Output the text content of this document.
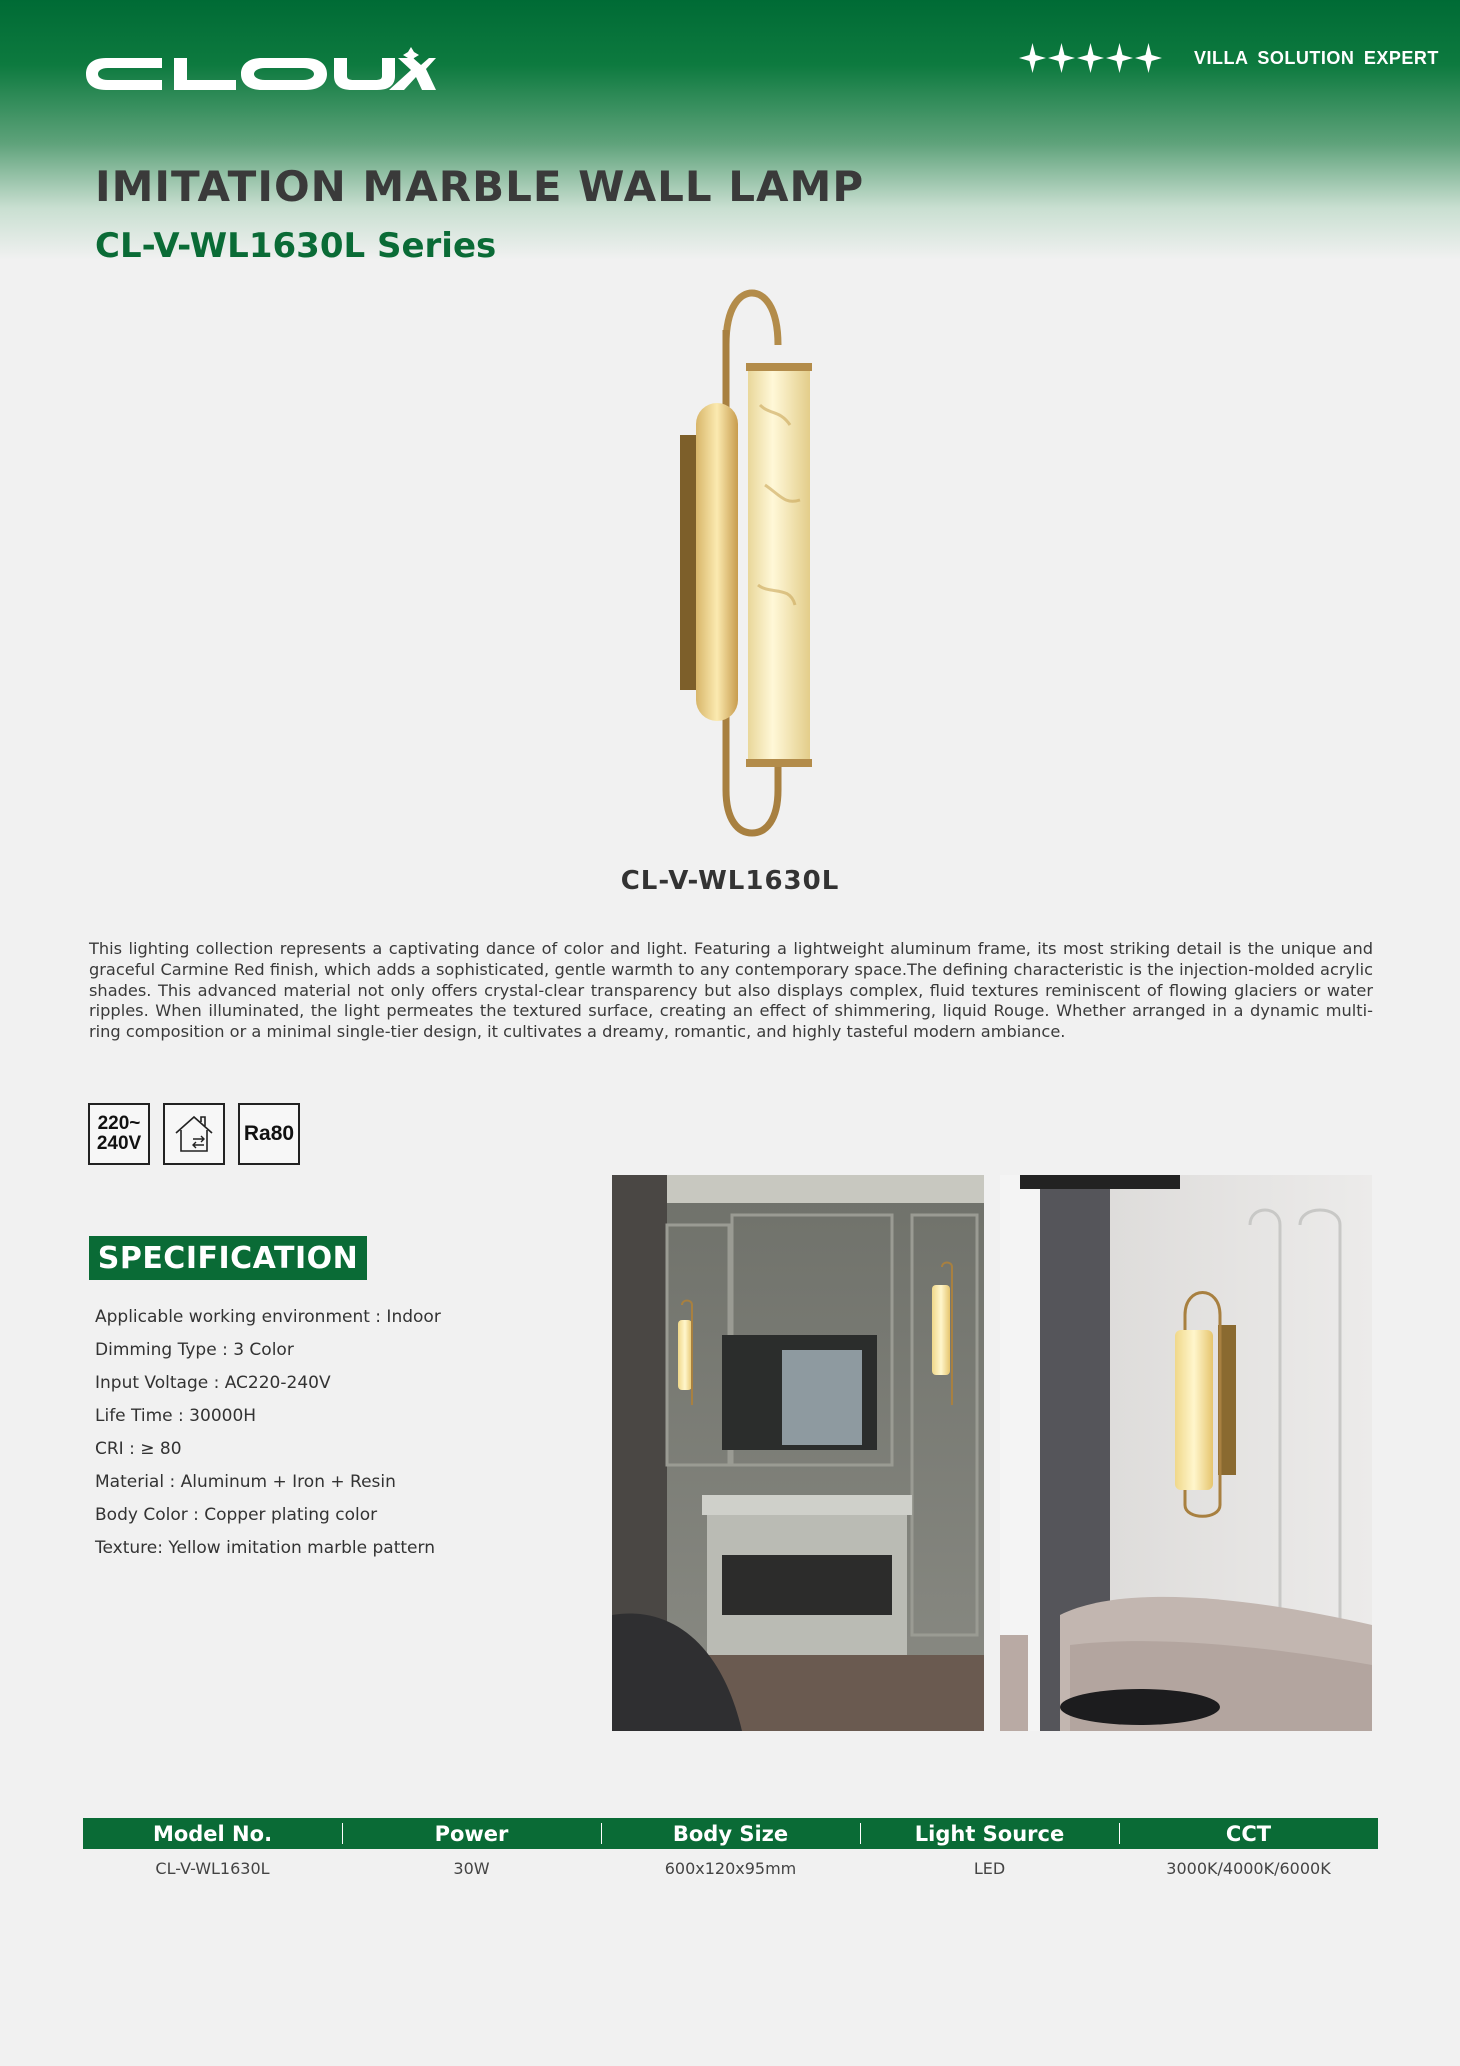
VILLA SOLUTION EXPERT
IMITATION MARBLE WALL LAMP
CL-V-WL1630L Series
CL-V-WL1630L

This lighting collection represents a captivating dance of color and light. Featuring a lightweight aluminum frame, its most striking detail is the unique and graceful Carmine Red finish, which adds a sophisticated, gentle warmth to any contemporary space.The defining characteristic is the injection-molded acrylic shades. This advanced material not only offers crystal-clear transparency but also displays complex, fluid textures reminiscent of flowing glaciers or water ripples. When illuminated, the light permeates the textured surface, creating an effect of shimmering, liquid Rouge. Whether arranged in a dynamic multi-ring composition or a minimal single-tier design, it cultivates a dreamy, romantic, and highly tasteful modern ambiance.

220~
240V	Ra80
SPECIFICATION
Applicable working environment : Indoor
Dimming Type : 3 Color
Input Voltage : AC220-240V
Life Time : 30000H
CRI : ≥ 80
Material : Aluminum + Iron + Resin
Body Color : Copper plating color
Texture: Yellow imitation marble pattern
Model No.	Power	Body Size	Light Source	CCT
CL-V-WL1630L	30W	600x120x95mm	LED	3000K/4000K/6000K
